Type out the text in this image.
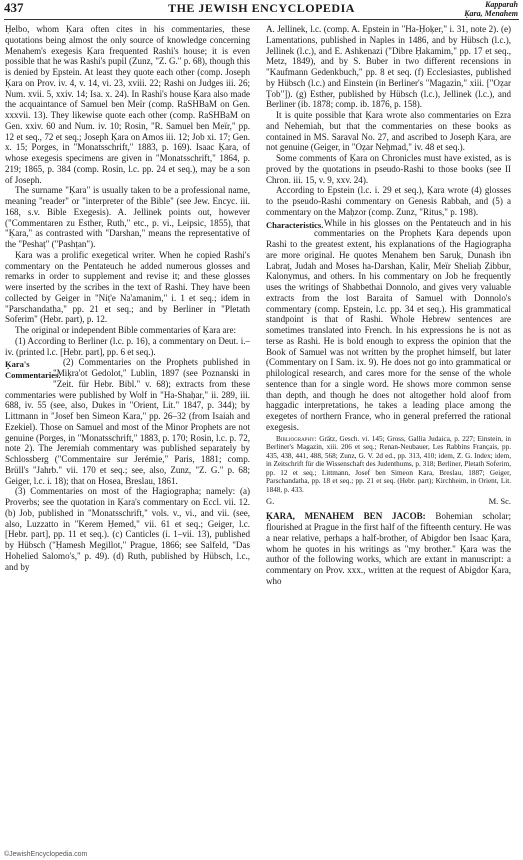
437	THE JEWISH ENCYCLOPEDIA	Kapparah
Ḳara, Menahem

Ḥelbo, whom Ḳara often cites in his commentaries, these quotations being almost the only source of knowledge concerning Menahem's exegesis Ḳara frequented Rashi's house; it is even possible that he was Rashi's pupil (Zunz, "Z. G." p. 68), though this is denied by Epstein. At least they quote each other (comp. Joseph Ḳara on Prov. iv. 4, v. 14, vi. 23, xviii. 22; Rashi on Judges iii. 26; Num. xvii. 5, xxiv. 14; Isa. x. 24). In Rashi's house Ḳara also made the acquaintance of Samuel ben Meïr (comp. RaSHBaM on Gen. xxxvii. 13). They likewise quote each other (comp. RaSHBaM on Gen. xxiv. 60 and Num. iv. 10; Rosin, "R. Samuel ben Meïr," pp. 12 et seq., 72 et seq.; Joseph Ḳara on Amos iii. 12; Job xi. 17; Gen. x. 15; Porges, in "Monatsschrift," 1883, p. 169). Isaac Ḳara, of whose exegesis specimens are given in "Monatsschrift," 1864, p. 219; 1865, p. 384 (comp. Rosin, l.c. pp. 24 et seq.), may be a son of Joseph.

The surname "Ḳara" is usually taken to be a professional name, meaning "reader" or "interpreter of the Bible" (see Jew. Encyc. iii. 168, s.v. Bible Exegesis). A. Jellinek points out, however ("Commentaren zu Esther, Ruth," etc., p. vi., Leipsic, 1855), that "Ḳara," as contrasted with "Darshan," means the representative of the "Peshaṭ" ("Pashṭan").

Ḳara was a prolific exegetical writer. When he copied Rashi's commentary on the Pentateuch he added numerous glosses and remarks in order to supplement and revise it; and these glosses were inserted by the scribes in the text of Rashi. They have been collected by Geiger in "Niṭ'e Na'amanim," i. 1 et seq.; idem in "Parschandatha," pp. 21 et seq.; and by Berliner in "Pletath Soferim" (Hebr. part), p. 12.

The original or independent Bible commentaries of Ḳara are:

(1) According to Berliner (l.c. p. 16), a commentary on Deut. i.–iv. (printed l.c. [Hebr. part], pp. 6 et seq.).

Ḳara's Commentaries.

(2) Commentaries on the Prophets published in "Miḳra'ot Gedolot," Lublin, 1897 (see Poznanski in "Zeit. für Hebr. Bibl." v. 68); extracts from these commentaries were published by Wolf in "Ha-Shaḥar," ii. 289, iii. 688, iv. 55 (see, also, Dukes in "Orient, Lit." 1847, p. 344); by Littmann in "Josef ben Simeon Kara," pp. 26–32 (from Isaiah and Ezekiel). Those on Samuel and most of the Minor Prophets are not genuine (Porges, in "Monatsschrift," 1883, p. 170; Rosin, l.c. p. 72, note 2). The Jeremiah commentary was published separately by Schlossberg ("Commentaire sur Jerémie," Paris, 1881; comp. Brüll's "Jahrb." vii. 170 et seq.; see, also, Zunz, "Z. G." p. 68; Geiger, l.c. i. 18); that on Hosea, Breslau, 1861.

(3) Commentaries on most of the Hagiographa; namely: (a) Proverbs; see the quotation in Ḳara's commentary on Eccl. vii. 12. (b) Job, published in "Monatsschrift," vols. v., vi., and vii. (see, also, Luzzatto in "Kerem Ḥemed," vii. 61 et seq.; Geiger, l.c. [Hebr. part], pp. 11 et seq.). (c) Canticles (i. 1–vii. 13), published by Hübsch ("Ḥamesh Megillot," Prague, 1866; see Salfeld, "Das Hohelied Salomo's," p. 49). (d) Ruth, published by Hübsch, l.c., and by

A. Jellinek, l.c. (comp. A. Epstein in "Ha-Ḥoḳer," i. 31, note 2). (e) Lamentations, published in Naples in 1486, and by Hübsch (l.c.), Jellinek (l.c.), and E. Ashkenazi ("Dibre Ḥakamim," pp. 17 et seq., Metz, 1849), and by S. Buber in two different recensions in "Kaufmann Gedenkbuch," pp. 8 et seq. (f) Ecclesiastes, published by Hübsch (l.c.) and Einstein (in Berliner's "Magazin," xiii. ["Oẓar Ṭob"]). (g) Esther, published by Hübsch (l.c.), Jellinek (l.c.), and Berliner (ib. 1878; comp. ib. 1876, p. 158).

It is quite possible that Ḳara wrote also commentaries on Ezra and Nehemiah, but that the commentaries on these books as contained in MS. Saraval No. 27, and ascribed to Joseph Ḳara, are not genuine (Geiger, in "Oẓar Neḥmad," iv. 48 et seq.).

Some comments of Ḳara on Chronicles must have existed, as is proved by the quotations in pseudo-Rashi to those books (see II Chron. iii. 15, v. 9, xxv. 24).

According to Epstein (l.c. i. 29 et seq.), Ḳara wrote (4) glosses to the pseudo-Rashi commentary on Genesis Rabbah, and (5) a commentary on the Maḥzor (comp. Zunz, "Ritus," p. 198).

Characteristics. While in his glosses on the Pentateuch and in his commentaries on the Prophets Ḳara depends upon Rashi to the greatest extent, his explanations of the Hagiographa are more original. He quotes Menahem ben Saruḳ, Dunash ibn Labraṭ, Judah and Moses ha-Darshan, Ḳalir, Meïr Sheliaḥ Ẓibbur, Kalonymus, and others. In his commentary on Job he frequently uses the writings of Shabbethai Donnolo, and gives very valuable extracts from the lost Baraita of Samuel with Donnolo's commentary (comp. Epstein, l.c. pp. 34 et seq.). His grammatical standpoint is that of Rashi. Whole Hebrew sentences are sometimes translated into French. In his expressions he is not as terse as Rashi. He is bold enough to express the opinion that the Book of Samuel was not written by the prophet himself, but later (Commentary on I Sam. ix. 9). He does not go into grammatical or philological research, and cares more for the sense of the whole sentence than for a single word. He shows more common sense than depth, and though he does not altogether hold aloof from haggadic interpretations, he takes a leading place among the exegetes of northern France, who in general preferred the rational exegesis.

Bibliography: Grätz, Gesch. vi. 145; Gross, Gallia Judaica, p. 227; Einstein, in Berliner's Magazin, xiii. 206 et seq.; Renan-Neubauer, Les Rabbins Français, pp. 435, 438, 441, 488, 568; Zunz, G. V. 2d ed., pp. 313, 410; idem, Z. G. Index; idem, in Zeitschrift für die Wissenschaft des Judenthums, p. 318; Berliner, Pletath Soferim, pp. 12 et seq.; Littmann, Josef ben Simeon Kara, Breslau, 1887; Geiger, Parschandatha, pp. 18 et seq.; pp. 21 et seq. (Hebr. part); Kirchheim, in Orient, Lit. 1848, p. 433.

G.	M. Sc.

ḲARA, MENAHEM BEN JACOB: Bohemian scholar; flourished at Prague in the first half of the fifteenth century. He was a near relative, perhaps a half-brother, of Abigdor ben Isaac Ḳara, whom he quotes in his writings as "my brother." Ḳara was the author of the following works, which are extant in manuscript: a commentary on Prov. xxx., written at the request of Abigdor Ḳara, who

©JewishEncyclopedia.com
